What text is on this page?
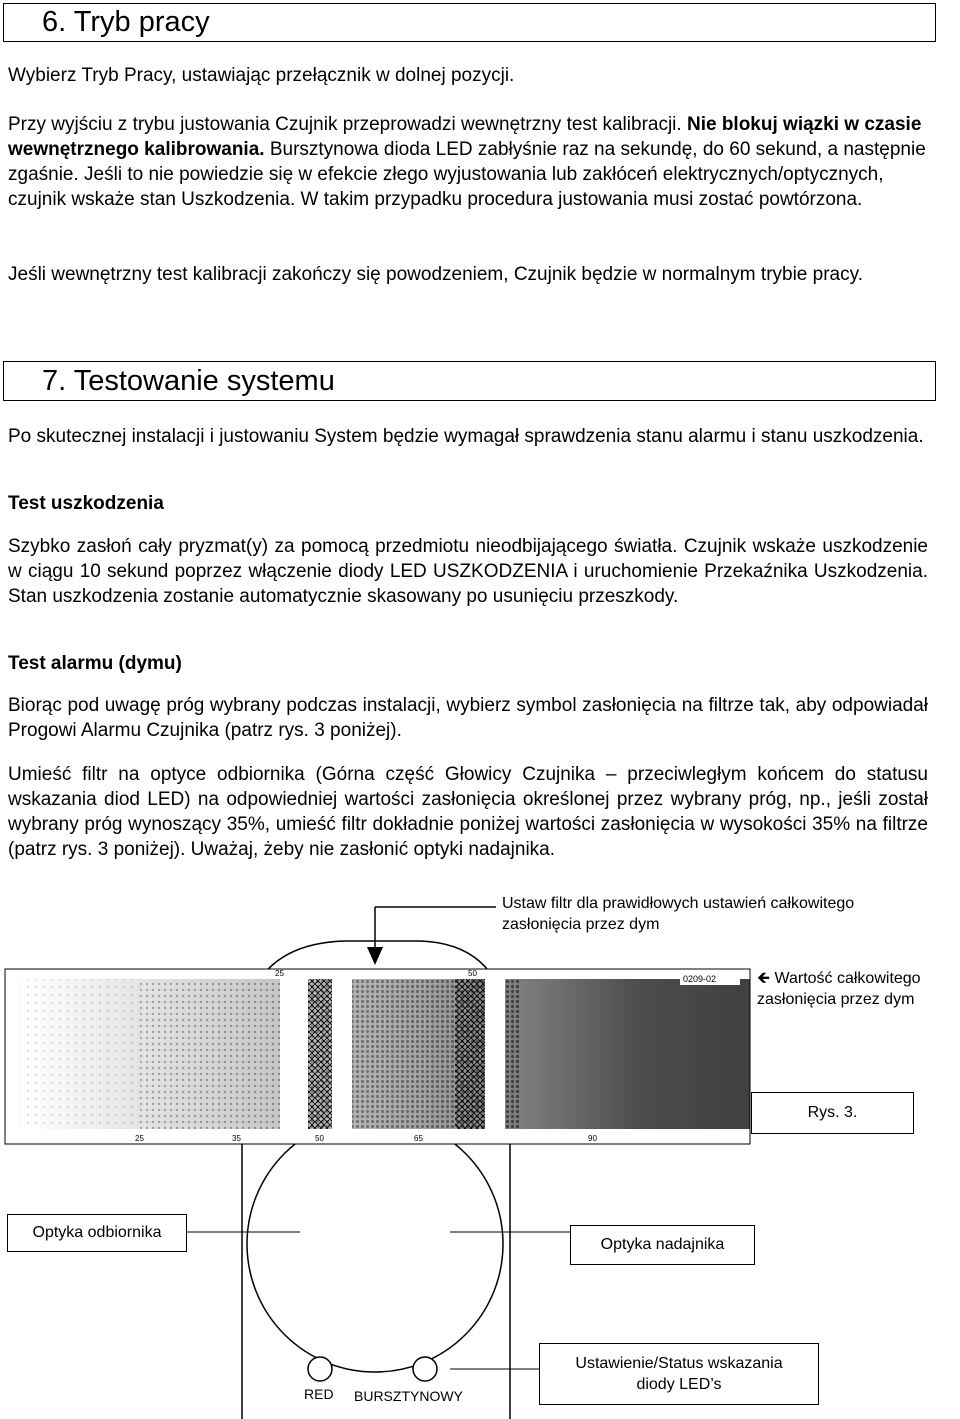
6. Tryb pracy
Wybierz Tryb Pracy, ustawiając przełącznik w dolnej pozycji.
Przy wyjściu z trybu justowania Czujnik przeprowadzi wewnętrzny test kalibracji. Nie blokuj wiązki w czasie wewnętrznego kalibrowania. Bursztynowa dioda LED zabłyśnie raz na sekundę, do 60 sekund, a następnie zgaśnie. Jeśli to nie powiedzie się w efekcie złego wyjustowania lub zakłóceń elektrycznych/optycznych, czujnik wskaże stan Uszkodzenia. W takim przypadku procedura justowania musi zostać powtórzona.
Jeśli wewnętrzny test kalibracji zakończy się powodzeniem, Czujnik będzie w normalnym trybie pracy.
7. Testowanie systemu
Po skutecznej instalacji i justowaniu System będzie wymagał sprawdzenia stanu alarmu i stanu uszkodzenia.
Test uszkodzenia
Szybko zasłoń cały pryzmat(y) za pomocą przedmiotu nieodbijającego światła. Czujnik wskaże uszkodzenie w ciągu 10 sekund poprzez włączenie diody LED USZKODZENIA i uruchomienie Przekaźnika Uszkodzenia. Stan uszkodzenia zostanie automatycznie skasowany po usunięciu przeszkody.
Test alarmu (dymu)
Biorąc pod uwagę próg wybrany podczas instalacji, wybierz symbol zasłonięcia na filtrze tak, aby odpowiadał Progowi Alarmu Czujnika (patrz rys. 3 poniżej).
Umieść filtr na optyce odbiornika (Górna część Głowicy Czujnika – przeciwległym końcem do statusu wskazania diod LED) na odpowiedniej wartości zasłonięcia określonej przez wybrany próg, np., jeśli został wybrany próg wynoszący 35%, umieść filtr dokładnie poniżej wartości zasłonięcia w wysokości 35% na filtrze (patrz rys. 3 poniżej). Uważaj, żeby nie zasłonić optyki nadajnika.
0209-02
25	50
25	35	50	65	90
Ustaw filtr dla prawidłowych ustawień całkowitego zasłonięcia przez dym
🡸 Wartość całkowitego zasłonięcia przez dym
Rys. 3.
Optyka odbiornika
Optyka nadajnika
Ustawienie/Status wskazania diody LED’s
RED BURSZTYNOWY
